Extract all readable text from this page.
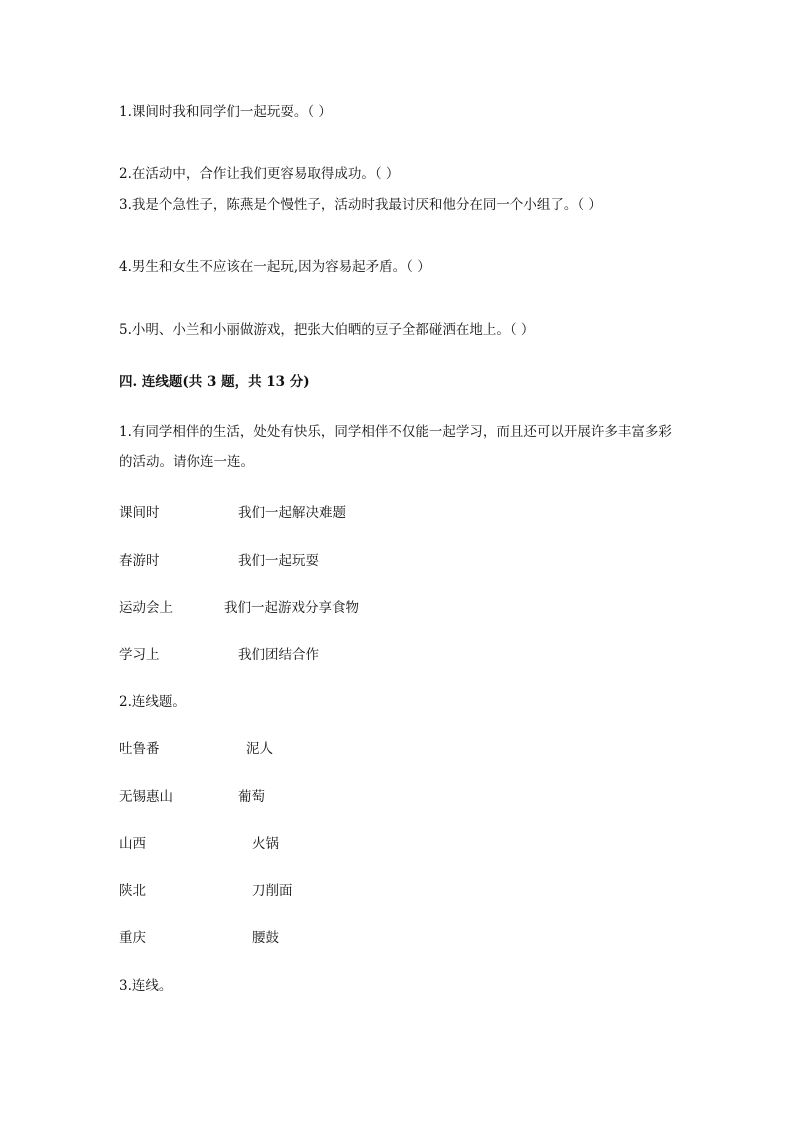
1.课间时我和同学们一起玩耍。（ ）
2.在活动中，合作让我们更容易取得成功。（ ）
3.我是个急性子，陈燕是个慢性子，活动时我最讨厌和他分在同一个小组了。（ ）
4.男生和女生不应该在一起玩,因为容易起矛盾。（ ）
5.小明、小兰和小丽做游戏，把张大伯晒的豆子全都碰洒在地上。（ ）
四. 连线题(共 3 题，共 13 分)
1.有同学相伴的生活，处处有快乐，同学相伴不仅能一起学习，而且还可以开展许多丰富多彩的活动。请你连一连。
课间时	我们一起解决难题
春游时	我们一起玩耍
运动会上	我们一起游戏分享食物
学习上	我们团结合作
2.连线题。
吐鲁番	泥人
无锡惠山	葡萄
山西	火锅
陕北	刀削面
重庆	腰鼓
3.连线。
